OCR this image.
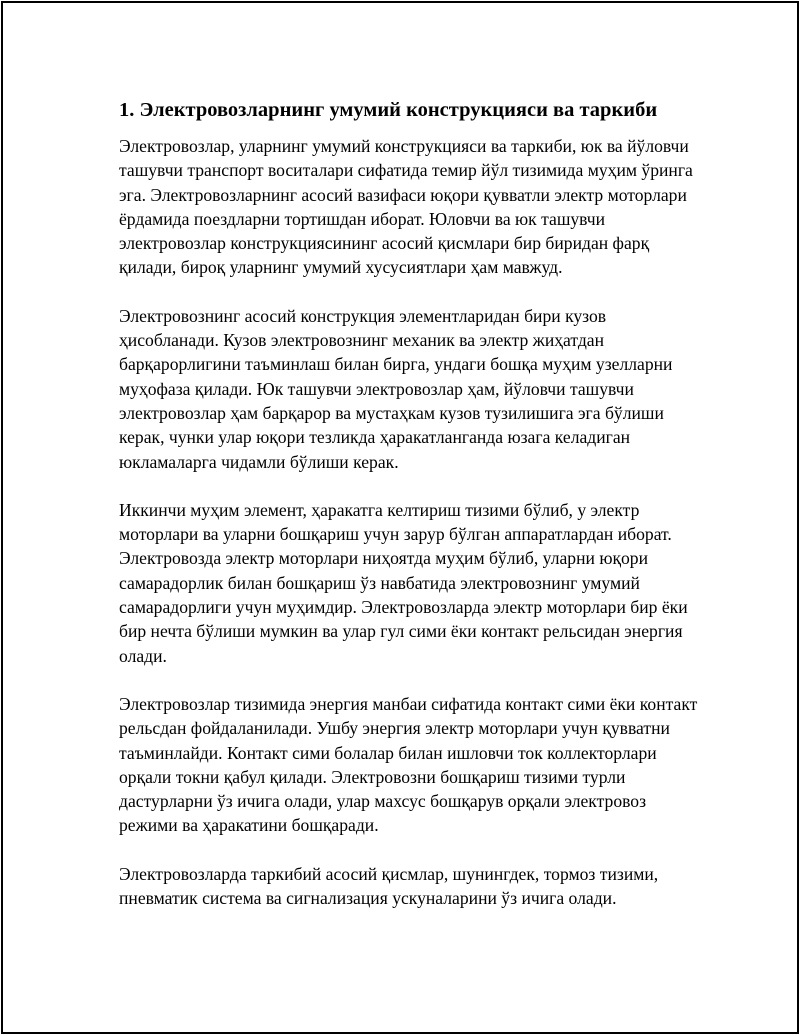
1. Электровозларнинг умумий конструкцияси ва таркиби

Электровозлар, уларнинг умумий конструкцияси ва таркиби, юк ва йўловчи ташувчи транспорт воситалари сифатида темир йўл тизимида муҳим ўринга эга. Электровозларнинг асосий вазифаси юқори қувватли электр моторлари ёрдамида поездларни тортишдан иборат. Юловчи ва юк ташувчи электровозлар конструкциясининг асосий қисмлари бир биридан фарқ қилади, бироқ уларнинг умумий хусусиятлари ҳам мавжуд.

Электровознинг асосий конструкция элементларидан бири кузов ҳисобланади. Кузов электровознинг механик ва электр жиҳатдан барқарорлигини таъминлаш билан бирга, ундаги бошқа муҳим узелларни муҳофаза қилади. Юк ташувчи электровозлар ҳам, йўловчи ташувчи электровозлар ҳам барқарор ва мустаҳкам кузов тузилишига эга бўлиши керак, чунки улар юқори тезликда ҳаракатланганда юзага келадиган юкламаларга чидамли бўлиши керак.

Иккинчи муҳим элемент, ҳаракатга келтириш тизими бўлиб, у электр моторлари ва уларни бошқариш учун зарур бўлган аппаратлардан иборат. Электровозда электр моторлари ниҳоятда муҳим бўлиб, уларни юқори самарадорлик билан бошқариш ўз навбатида электровознинг умумий самарадорлиги учун муҳимдир. Электровозларда электр моторлари бир ёки бир нечта бўлиши мумкин ва улар гул сими ёки контакт рельсидан энергия олади.

Электровозлар тизимида энергия манбаи сифатида контакт сими ёки контакт рельсдан фойдаланилади. Ушбу энергия электр моторлари учун қувватни таъминлайди. Контакт сими болалар билан ишловчи ток коллекторлари орқали токни қабул қилади. Электровозни бошқариш тизими турли дастурларни ўз ичига олади, улар махсус бошқарув орқали электровоз режими ва ҳаракатини бошқаради.

Электровозларда таркибий асосий қисмлар, шунингдек, тормоз тизими, пневматик система ва сигнализация ускуналарини ўз ичига олади.
